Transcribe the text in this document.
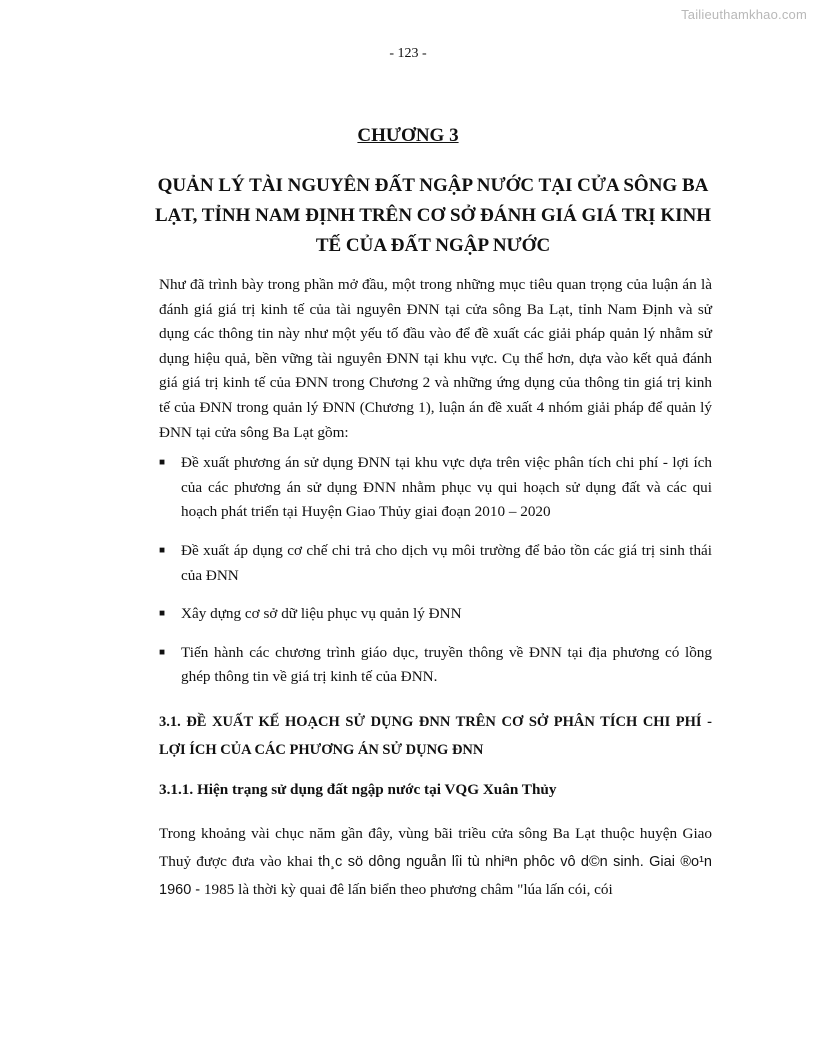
Tailieuthamkhao.com
- 123 -
CHƯƠNG 3
QUẢN LÝ TÀI NGUYÊN ĐẤT NGẬP NƯỚC TẠI CỬA SÔNG BA LẠT, TỈNH NAM ĐỊNH TRÊN CƠ SỞ ĐÁNH GIÁ GIÁ TRỊ KINH TẾ CỦA ĐẤT NGẬP NƯỚC

Như đã trình bày trong phần mở đầu, một trong những mục tiêu quan trọng của luận án là đánh giá giá trị kinh tế của tài nguyên ĐNN tại cửa sông Ba Lạt, tỉnh Nam Định và sử dụng các thông tin này như một yếu tố đầu vào để đề xuất các giải pháp quản lý nhằm sử dụng hiệu quả, bền vững tài nguyên ĐNN tại khu vực. Cụ thể hơn, dựa vào kết quả đánh giá giá trị kinh tế của ĐNN trong Chương 2 và những ứng dụng của thông tin giá trị kinh tế của ĐNN trong quản lý ĐNN (Chương 1), luận án đề xuất 4 nhóm giải pháp để quản lý ĐNN tại cửa sông Ba Lạt gồm:

■ Đề xuất phương án sử dụng ĐNN tại khu vực dựa trên việc phân tích chi phí - lợi ích của các phương án sử dụng ĐNN nhằm phục vụ qui hoạch sử dụng đất và các qui hoạch phát triển tại Huyện Giao Thủy giai đoạn 2010 – 2020
■ Đề xuất áp dụng cơ chế chi trả cho dịch vụ môi trường để bảo tồn các giá trị sinh thái của ĐNN
■ Xây dựng cơ sở dữ liệu phục vụ quản lý ĐNN
■ Tiến hành các chương trình giáo dục, truyền thông về ĐNN tại địa phương có lồng ghép thông tin về giá trị kinh tế của ĐNN.
3.1. ĐỀ XUẤT KẾ HOẠCH SỬ DỤNG ĐNN TRÊN CƠ SỞ PHÂN TÍCH CHI PHÍ - LỢI ÍCH CỦA CÁC PHƯƠNG ÁN SỬ DỤNG ĐNN
3.1.1. Hiện trạng sử dụng đất ngập nước tại VQG Xuân Thủy

Trong khoảng vài chục năm gần đây, vùng bãi triều cửa sông Ba Lạt thuộc huyện Giao Thuỷ được đưa vào khai th¸c sö dông nguån lîi tù nhiªn phôc vô d©n sinh. Giai ®o¹n 1960 - 1985 là thời kỳ quai đê lấn biển theo phương châm "lúa lấn cói, cói
